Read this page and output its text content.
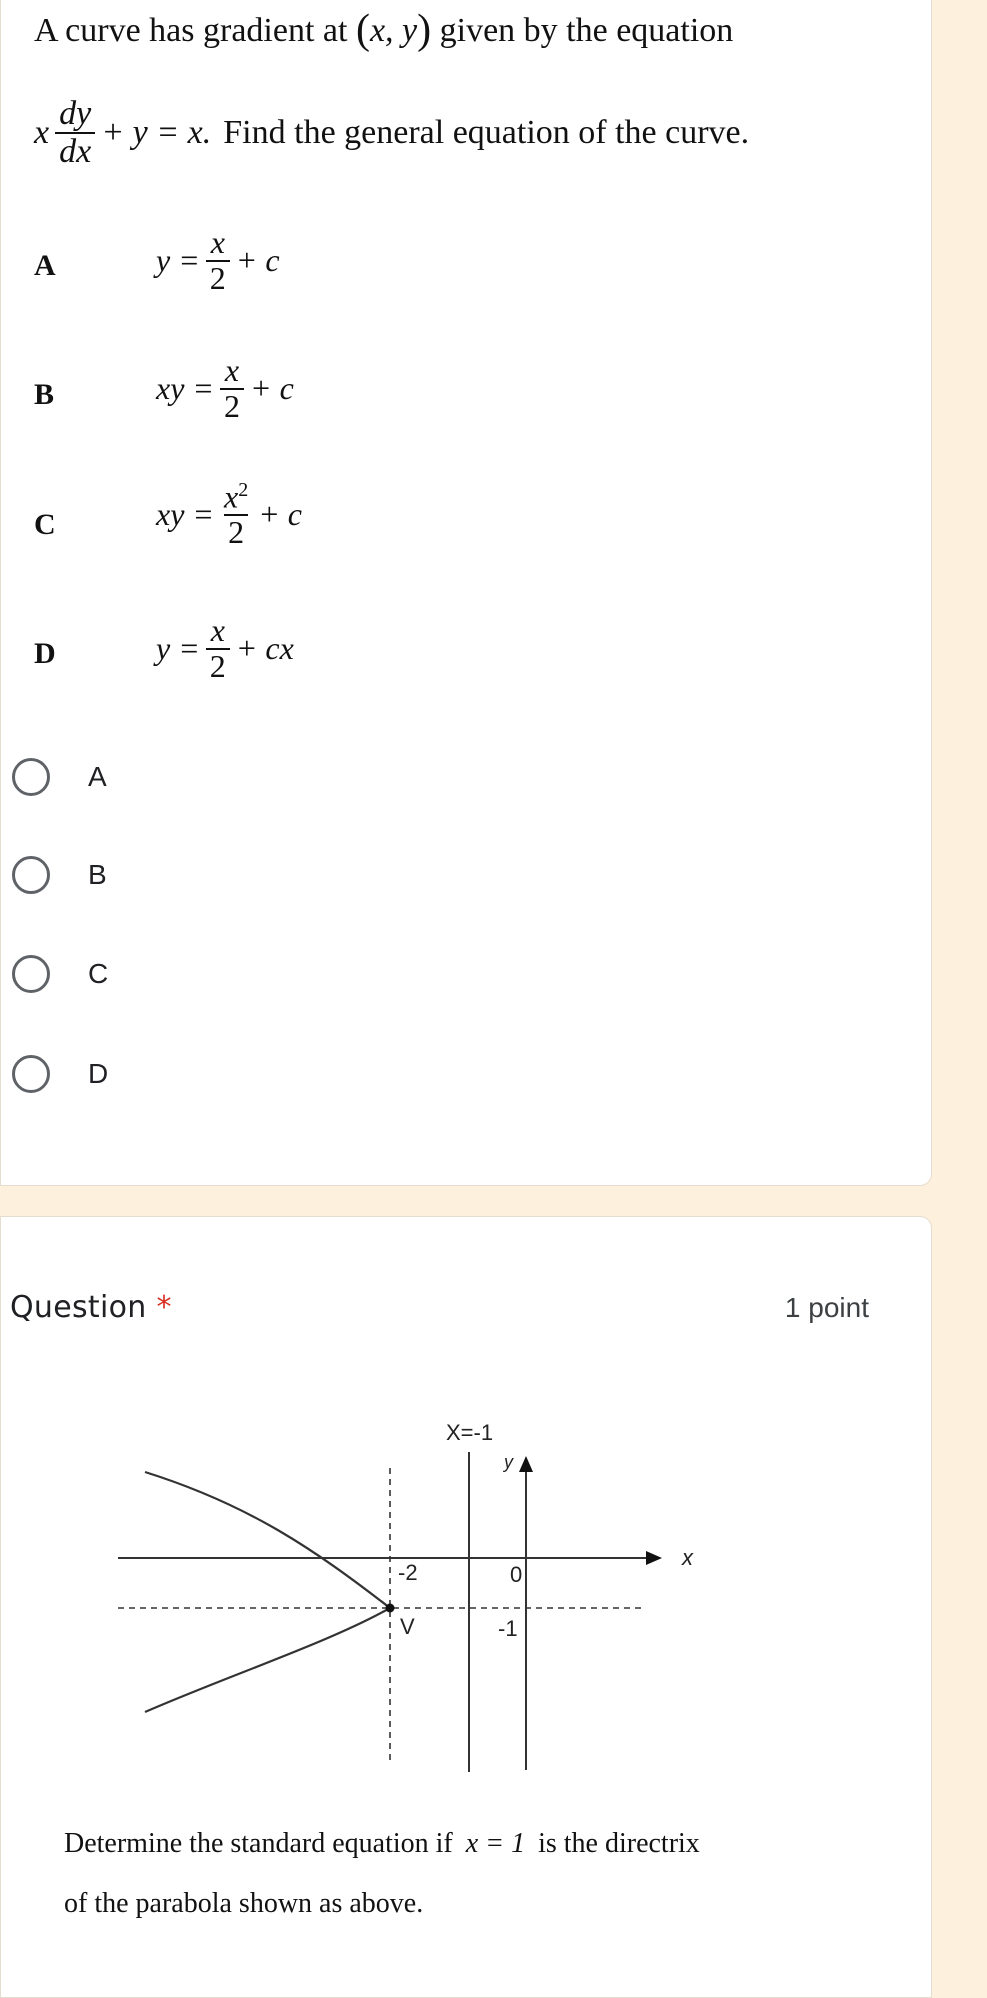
A curve has gradient at (x, y) given by the equation
x $\frac{dy}{dx} + y = x$. Find the general equation of the curve.
A	$y = \frac{x}{2} + c$
B	xy = $\frac{x}{2} + c$
C	xy = $\frac{x^2}{2} + c$
D	$y = \frac{x}{2}$ + cx
A
B
C
D
Question *	1 point
X=-1
y
x
-2	0
V	-1
Determine the standard equation if x = 1 is the directrix
of the parabola shown as above.
